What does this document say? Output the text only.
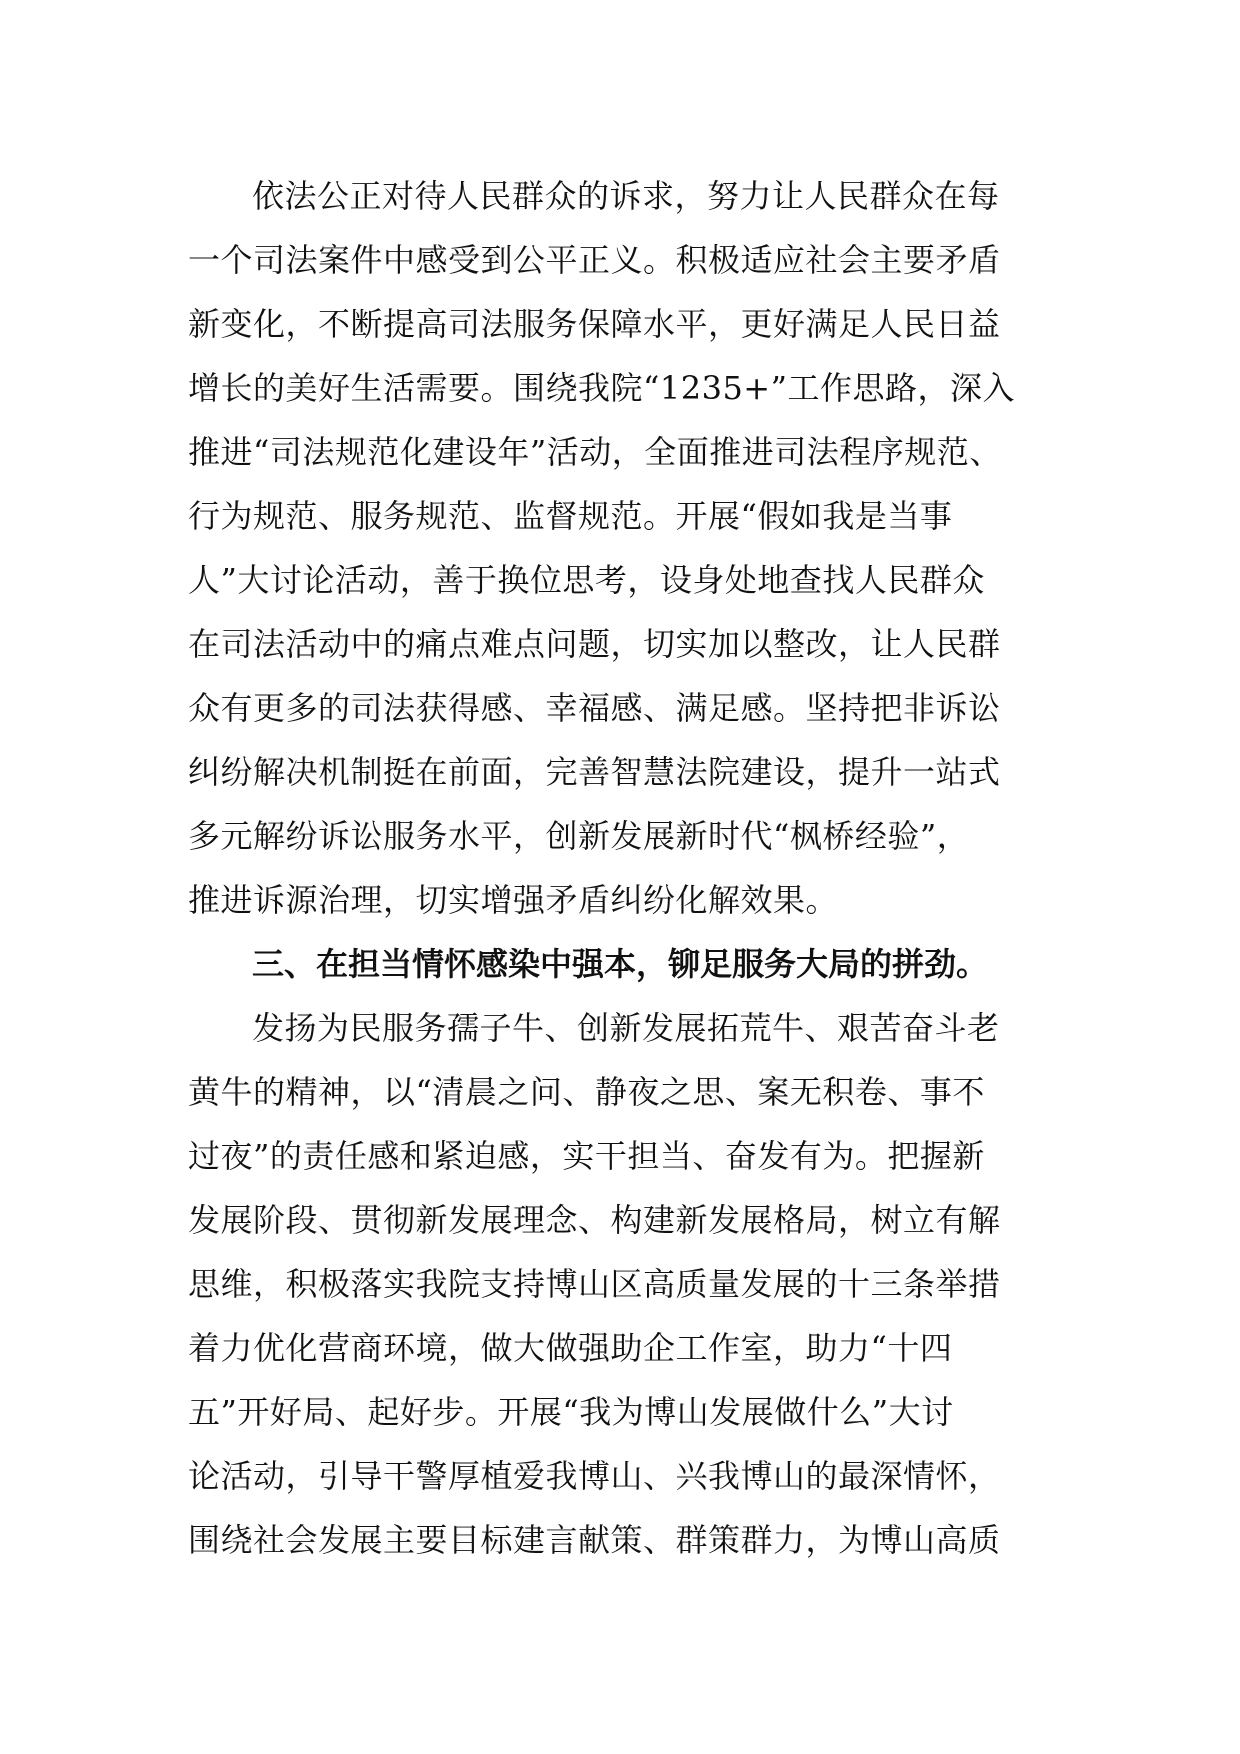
依法公正对待人民群众的诉求，努力让人民群众在每
一个司法案件中感受到公平正义。积极适应社会主要矛盾
新变化，不断提高司法服务保障水平，更好满足人民日益
增长的美好生活需要。围绕我院“1235+”工作思路，深入
推进“司法规范化建设年”活动，全面推进司法程序规范、
行为规范、服务规范、监督规范。开展“假如我是当事
人”大讨论活动，善于换位思考，设身处地查找人民群众
在司法活动中的痛点难点问题，切实加以整改，让人民群
众有更多的司法获得感、幸福感、满足感。坚持把非诉讼
纠纷解决机制挺在前面，完善智慧法院建设，提升一站式
多元解纷诉讼服务水平，创新发展新时代“枫桥经验”，
推进诉源治理，切实增强矛盾纠纷化解效果。
三、在担当情怀感染中强本，铆足服务大局的拼劲。
发扬为民服务孺子牛、创新发展拓荒牛、艰苦奋斗老
黄牛的精神，以“清晨之问、静夜之思、案无积卷、事不
过夜”的责任感和紧迫感，实干担当、奋发有为。把握新
发展阶段、贯彻新发展理念、构建新发展格局，树立有解
思维，积极落实我院支持博山区高质量发展的十三条举措
着力优化营商环境，做大做强助企工作室，助力“十四
五”开好局、起好步。开展“我为博山发展做什么”大讨
论活动，引导干警厚植爱我博山、兴我博山的最深情怀，
围绕社会发展主要目标建言献策、群策群力，为博山高质
